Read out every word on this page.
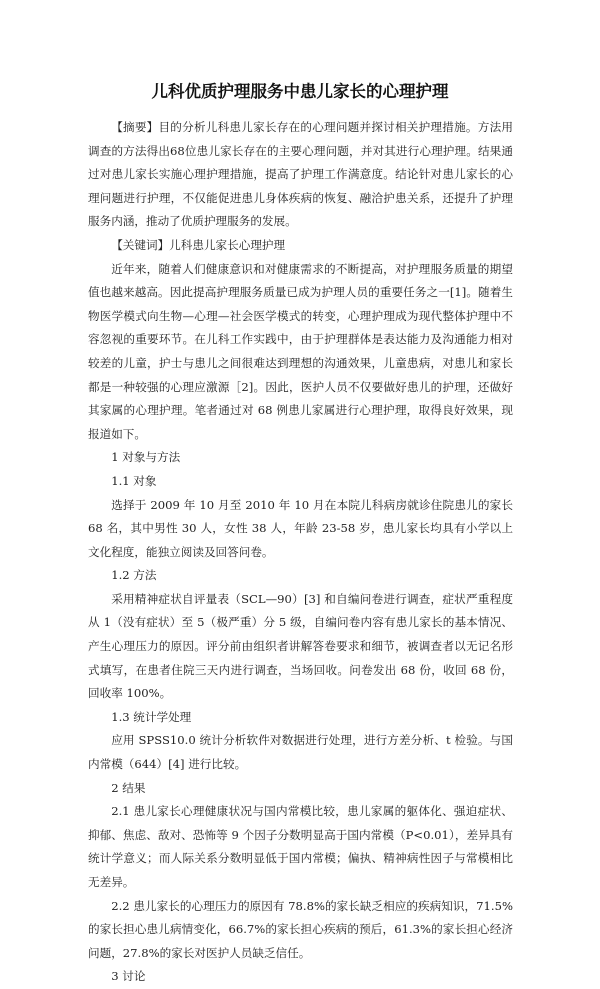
儿科优质护理服务中患儿家长的心理护理

【摘要】目的分析儿科患儿家长存在的心理问题并探讨相关护理措施。方法用调查的方法得出68位患儿家长存在的主要心理问题，并对其进行心理护理。结果通过对患儿家长实施心理护理措施，提高了护理工作满意度。结论针对患儿家长的心理问题进行护理，不仅能促进患儿身体疾病的恢复、融洽护患关系，还提升了护理服务内涵，推动了优质护理服务的发展。

【关键词】儿科患儿家长心理护理

近年来，随着人们健康意识和对健康需求的不断提高，对护理服务质量的期望值也越来越高。因此提高护理服务质量已成为护理人员的重要任务之一[1]。随着生物医学模式向生物—心理—社会医学模式的转变，心理护理成为现代整体护理中不容忽视的重要环节。在儿科工作实践中，由于护理群体是表达能力及沟通能力相对较差的儿童，护士与患儿之间很难达到理想的沟通效果，儿童患病，对患儿和家长都是一种较强的心理应激源［2]。因此，医护人员不仅要做好患儿的护理，还做好其家属的心理护理。笔者通过对 68 例患儿家属进行心理护理，取得良好效果，现报道如下。

1 对象与方法

1.1 对象

选择于 2009 年 10 月至 2010 年 10 月在本院儿科病房就诊住院患儿的家长 68 名，其中男性 30 人，女性 38 人，年龄 23-58 岁，患儿家长均具有小学以上文化程度，能独立阅读及回答问卷。

1.2 方法

采用精神症状自评量表（SCL—90）[3] 和自编问卷进行调查，症状严重程度从 1（没有症状）至 5（极严重）分 5 级，自编问卷内容有患儿家长的基本情况、产生心理压力的原因。评分前由组织者讲解答卷要求和细节，被调查者以无记名形式填写，在患者住院三天内进行调查，当场回收。问卷发出 68 份，收回 68 份，回收率 100%。

1.3 统计学处理

应用 SPSS10.0 统计分析软件对数据进行处理，进行方差分析、t 检验。与国内常模（644）[4] 进行比较。

2 结果

2.1 患儿家长心理健康状况与国内常模比较，患儿家属的躯体化、强迫症状、抑郁、焦虑、敌对、恐怖等 9 个因子分数明显高于国内常模（P<0.01），差异具有统计学意义；而人际关系分数明显低于国内常模；偏执、精神病性因子与常模相比无差异。

2.2 患儿家长的心理压力的原因有 78.8%的家长缺乏相应的疾病知识，71.5%的家长担心患儿病情变化，66.7%的家长担心疾病的预后，61.3%的家长担心经济问题，27.8%的家长对医护人员缺乏信任。

3 讨论
